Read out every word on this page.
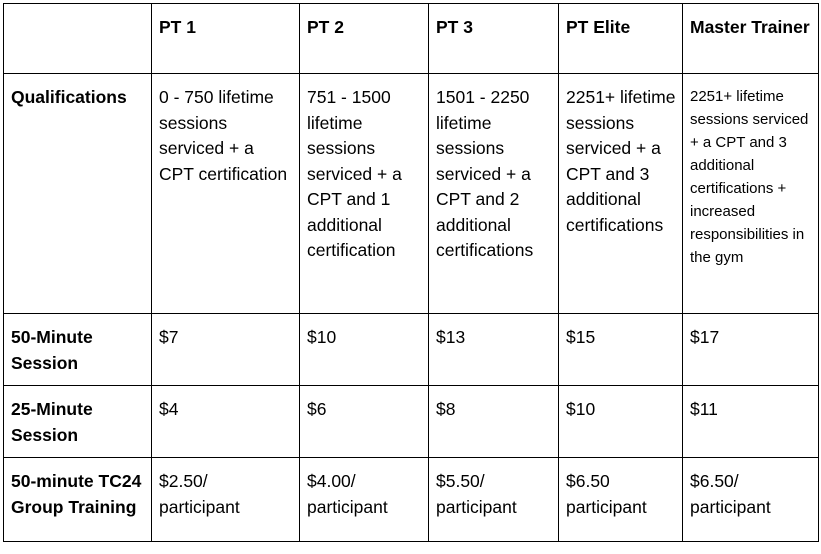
	PT 1	PT 2	PT 3	PT Elite	Master Trainer
Qualifications	0 - 750 lifetime sessions serviced + a CPT certification	751 - 1500 lifetime sessions serviced + a CPT and 1 additional certification	1501 - 2250 lifetime sessions serviced + a CPT and 2 additional certifications	2251+ lifetime sessions serviced + a CPT and 3 additional certifications	2251+ lifetime sessions serviced + a CPT and 3 additional certifications + increased responsibilities in the gym
50-Minute Session	$7	$10	$13	$15	$17
25-Minute Session	$4	$6	$8	$10	$11
50-minute TC24 Group Training	$2.50/ participant	$4.00/ participant	$5.50/ participant	$6.50 participant	$6.50/ participant
